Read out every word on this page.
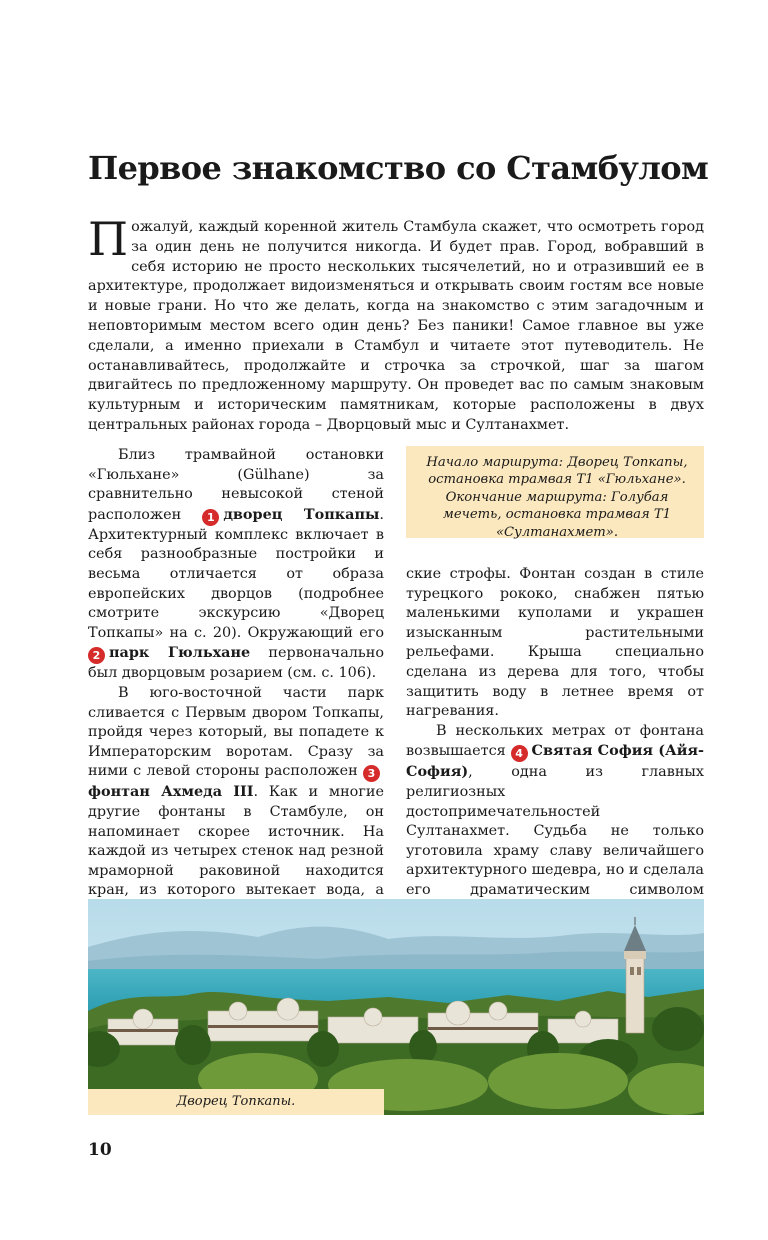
Первое знакомство со Стамбулом

Пожалуй, каждый коренной житель Стамбула скажет, что осмотреть город за один день не получится никогда. И будет прав. Город, вобравший в себя историю не просто нескольких тысячелетий, но и отразивший ее в архитектуре, продолжает видоизменяться и открывать своим гостям все новые и новые грани. Но что же делать, когда на знакомство с этим загадочным и неповторимым местом всего один день? Без паники! Самое главное вы уже сделали, а именно приехали в Стамбул и читаете этот путеводитель. Не останавливайтесь, продолжайте и строчка за строчкой, шаг за шагом двигайтесь по предложенному маршруту. Он проведет вас по самым знаковым культурным и историческим памятникам, которые расположены в двух центральных районах города – Дворцовый мыс и Султанахмет.

Близ трамвайной остановки «Гюльхане» (Gülhane) за сравнительно невысокой стеной расположен 1 дворец Топкапы. Архитектурный комплекс включает в себя разнообразные постройки и весьма отличается от образа европейских дворцов (подробнее смотрите экскурсию «Дворец Топкапы» на с. 20). Окружающий его 2 парк Гюльхане первоначально был дворцовым розарием (см. с. 106).

В юго-восточной части парк сливается с Первым двором Топкапы, пройдя через который, вы попадете к Императорским воротам. Сразу за ними с левой стороны расположен 3фонтан Ахмеда III. Как и многие другие фонтаны в Стамбуле, он напоминает скорее источник. На каждой из четырех стенок над резной мраморной раковиной находится кран, из которого вытекает вода, а

Начало маршрута: Дворец Топкапы, остановка трамвая Т1 «Гюльхане».

Окончание маршрута: Голубая мечеть, остановка трамвая Т1 «Султанахмет».

ские строфы. Фонтан создан в стиле турецкого рококо, снабжен пятью маленькими куполами и украшен изысканным растительными рельефами. Крыша специально сделана из дерева для того, чтобы защитить воду в летнее время от нагревания.

В нескольких метрах от фонтана возвышается 4 Святая София (Айя-София), одна из главных религиозных достопримечательностей Султанахмет. Судьба не только уготовила храму славу величайшего архитектурного шедевра, но и сделала его драматическим символом

Дворец Топкапы.
10
